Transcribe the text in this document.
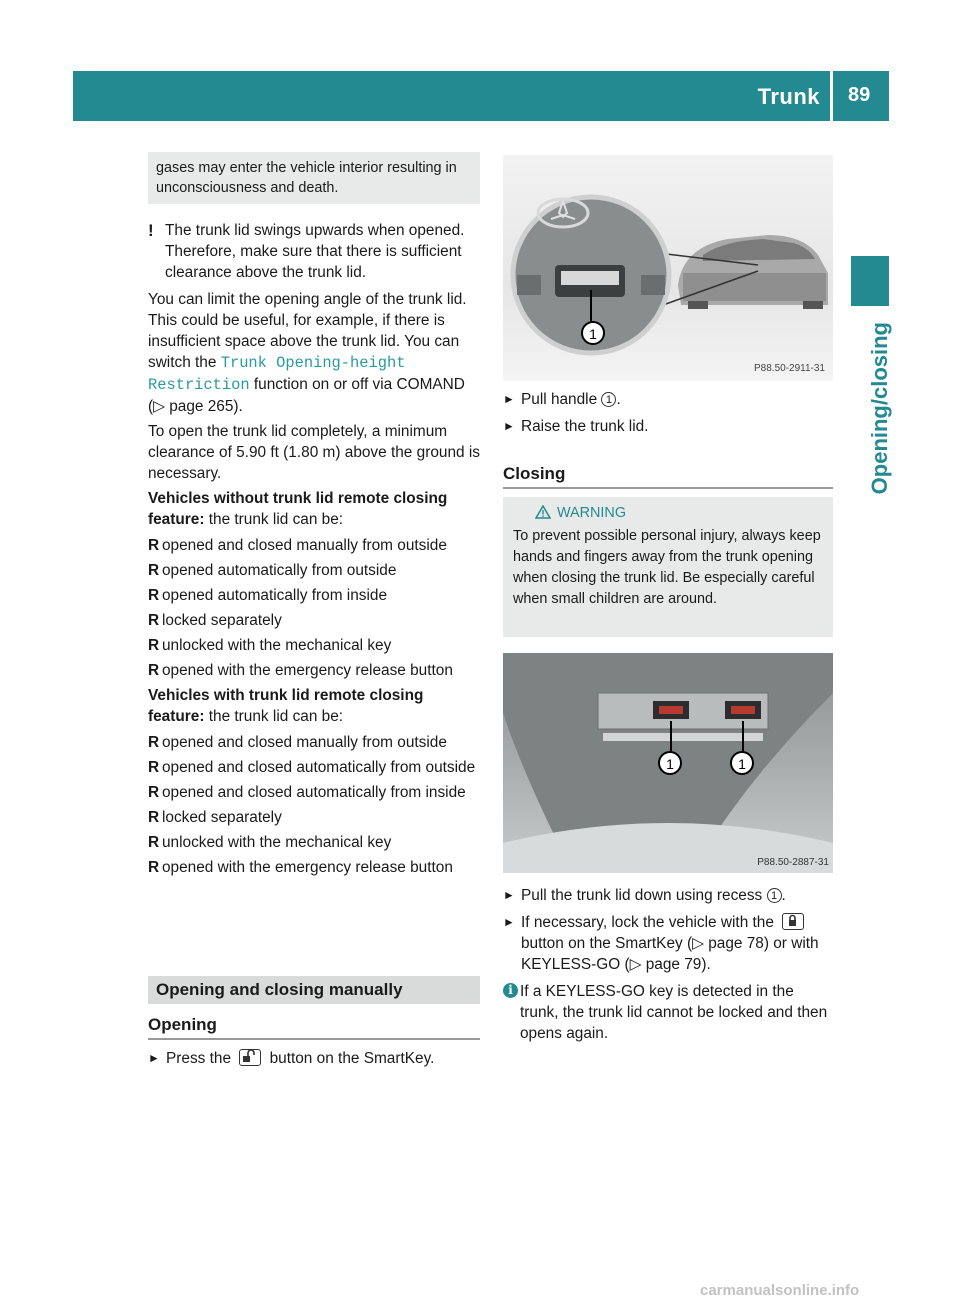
Trunk 89
Opening/closing

gases may enter the vehicle interior resulting in unconsciousness and death.

! The trunk lid swings upwards when opened. Therefore, make sure that there is sufficient clearance above the trunk lid.

You can limit the opening angle of the trunk lid. This could be useful, for example, if there is insufficient space above the trunk lid. You can switch the Trunk Opening-height Restriction function on or off via COMAND (▷ page 265).

To open the trunk lid completely, a minimum clearance of 5.90 ft (1.80 m) above the ground is necessary.

Vehicles without trunk lid remote closing feature: the trunk lid can be:

R opened and closed manually from outside
R opened automatically from outside
R opened automatically from inside
R locked separately
R unlocked with the mechanical key
R opened with the emergency release button

Vehicles with trunk lid remote closing feature: the trunk lid can be:

R opened and closed manually from outside
R opened and closed automatically from outside
R opened and closed automatically from inside
R locked separately
R unlocked with the mechanical key
R opened with the emergency release button
Opening and closing manually
Opening
► Press the	button on the SmartKey.
1
P88.50-2911-31
► Pull handle 1 .
► Raise the trunk lid.
Closing
WARNING

To prevent possible personal injury, always keep hands and fingers away from the trunk opening when closing the trunk lid. Be especially careful when small children are around.

1	1
P88.50-2887-31
► Pull the trunk lid down using recess 1 .
► If necessary, lock the vehicle with the
button on the SmartKey (▷ page 78) or with KEYLESS-GO (▷ page 79).
i If a KEYLESS-GO key is detected in the trunk, the trunk lid cannot be locked and then opens again.

carmanualsonline.info
